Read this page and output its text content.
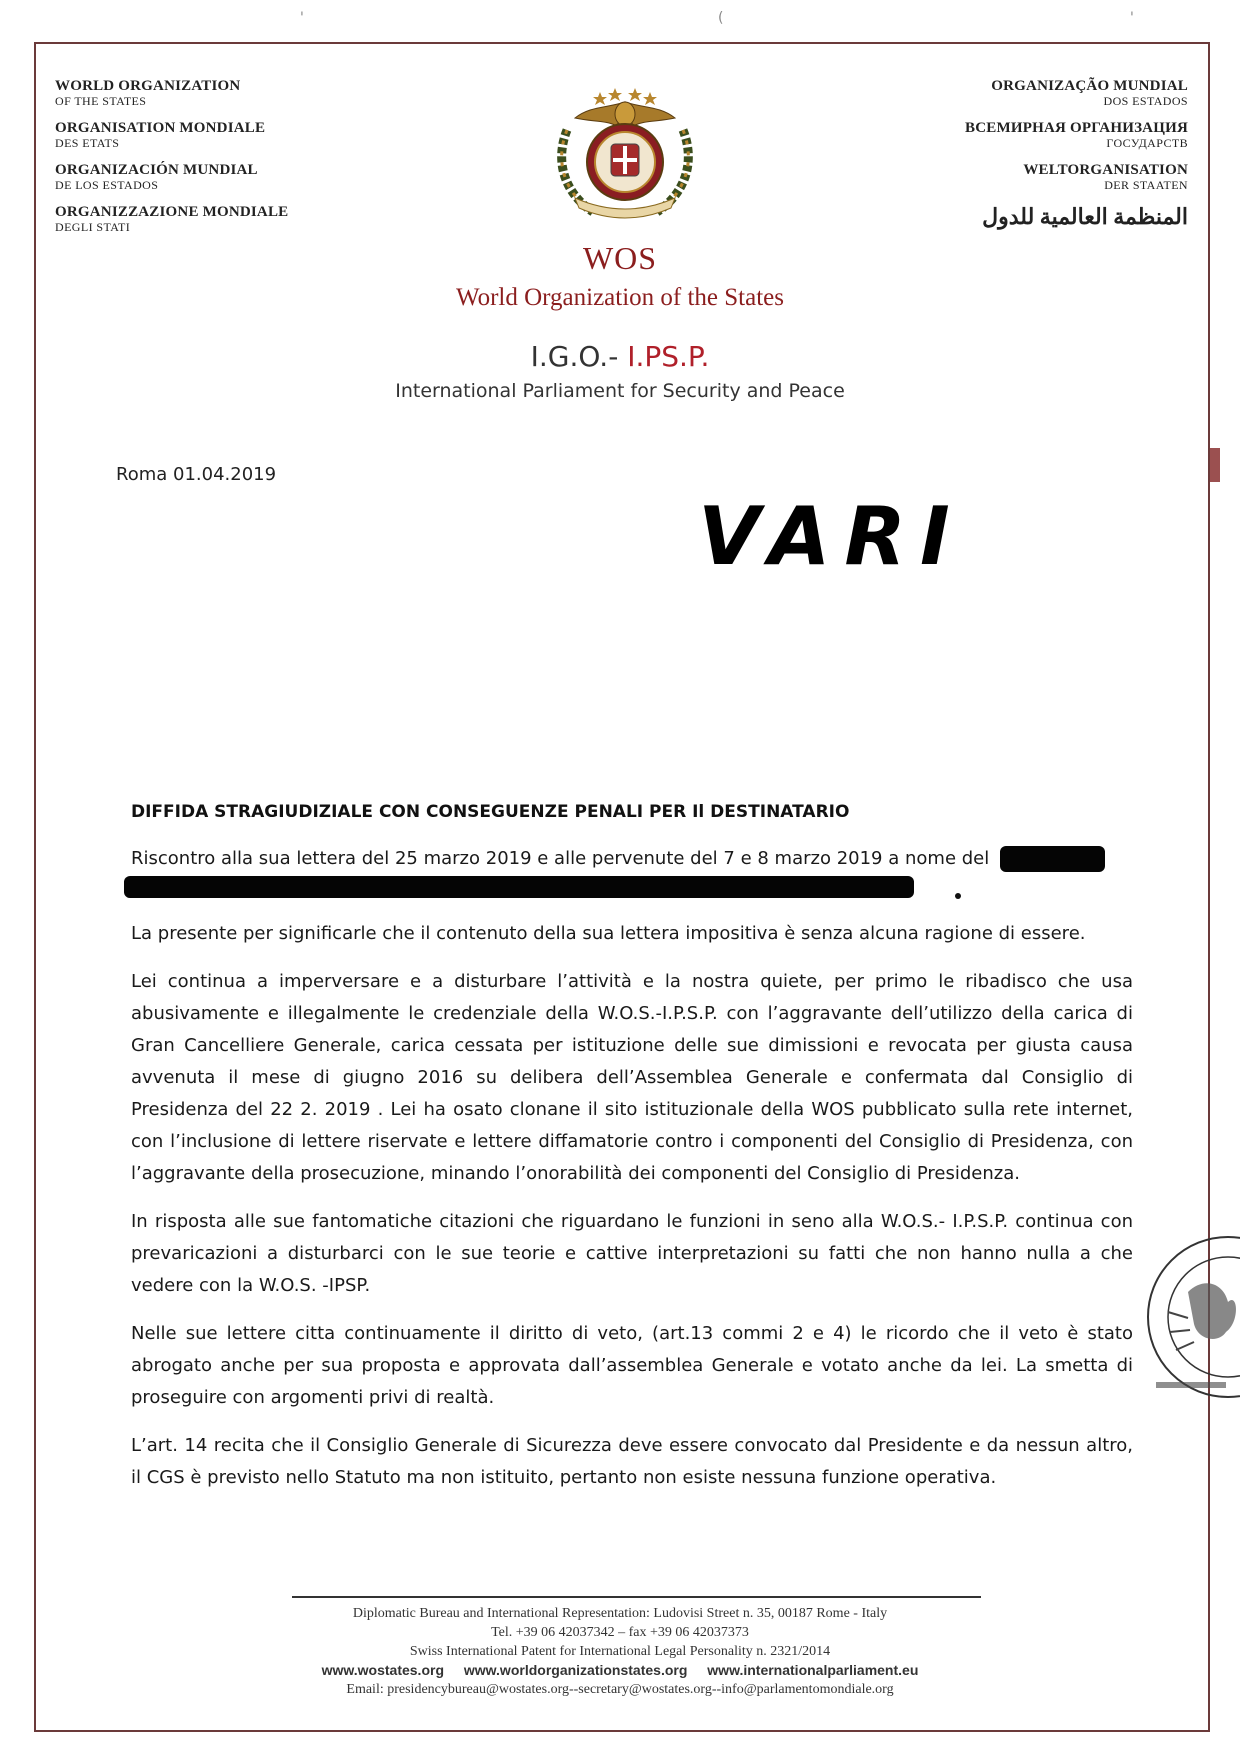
'	(	'
WORLD ORGANIZATION
OF THE STATES
ORGANISATION MONDIALE
DES ETATS
ORGANIZACIÓN MUNDIAL
DE LOS ESTADOS
ORGANIZZAZIONE MONDIALE
DEGLI STATI
ORGANIZAÇÃO MUNDIAL
DOS ESTADOS
ВСЕМИРНАЯ ОРГАНИЗАЦИЯ
ГОСУДАРСТВ
WELTORGANISATION
DER STAATEN
المنظمة العالمية للدول
WOS
World Organization of the States
I.G.O.- I.PS.P.
International Parliament for Security and Peace
Roma 01.04.2019
VARI
DIFFIDA STRAGIUDIZIALE CON CONSEGUENZE PENALI PER Il DESTINATARIO
Riscontro alla sua lettera del 25 marzo 2019 e alle pervenute del 7 e 8 marzo 2019 a nome del

La presente per significarle che il contenuto della sua lettera impositiva è senza alcuna ragione di essere.

Lei continua a imperversare e a disturbare l’attività e la nostra quiete, per primo le ribadisco che usa abusivamente e illegalmente le credenziale della W.O.S.-I.P.S.P. con l’aggravante dell’utilizzo della carica di Gran Cancelliere Generale, carica cessata per istituzione delle sue dimissioni e revocata per giusta causa avvenuta il mese di giugno 2016 su delibera dell’Assemblea Generale e confermata dal Consiglio di Presidenza del 22 2. 2019 . Lei ha osato clonane il sito istituzionale della WOS pubblicato sulla rete internet, con l’inclusione di lettere riservate e lettere diffamatorie contro i componenti del Consiglio di Presidenza, con l’aggravante della prosecuzione, minando l’onorabilità dei componenti del Consiglio di Presidenza.

In risposta alle sue fantomatiche citazioni che riguardano le funzioni in seno alla W.O.S.- I.P.S.P. continua con prevaricazioni a disturbarci con le sue teorie e cattive interpretazioni su fatti che non hanno nulla a che vedere con la W.O.S. -IPSP.

Nelle sue lettere citta continuamente il diritto di veto, (art.13 commi 2 e 4) le ricordo che il veto è stato abrogato anche per sua proposta e approvata dall’assemblea Generale e votato anche da lei. La smetta di proseguire con argomenti privi di realtà.

L’art. 14 recita che il Consiglio Generale di Sicurezza deve essere convocato dal Presidente e da nessun altro, il CGS è previsto nello Statuto ma non istituito, pertanto non esiste nessuna funzione operativa.

Diplomatic Bureau and International Representation: Ludovisi Street n. 35, 00187 Rome - Italy
Tel. +39 06 42037342 – fax +39 06 42037373
Swiss International Patent for International Legal Personality n. 2321/2014
www.wostates.org www.worldorganizationstates.org www.internationalparliament.eu
Email: presidencybureau@wostates.org--secretary@wostates.org--info@parlamentomondiale.org
